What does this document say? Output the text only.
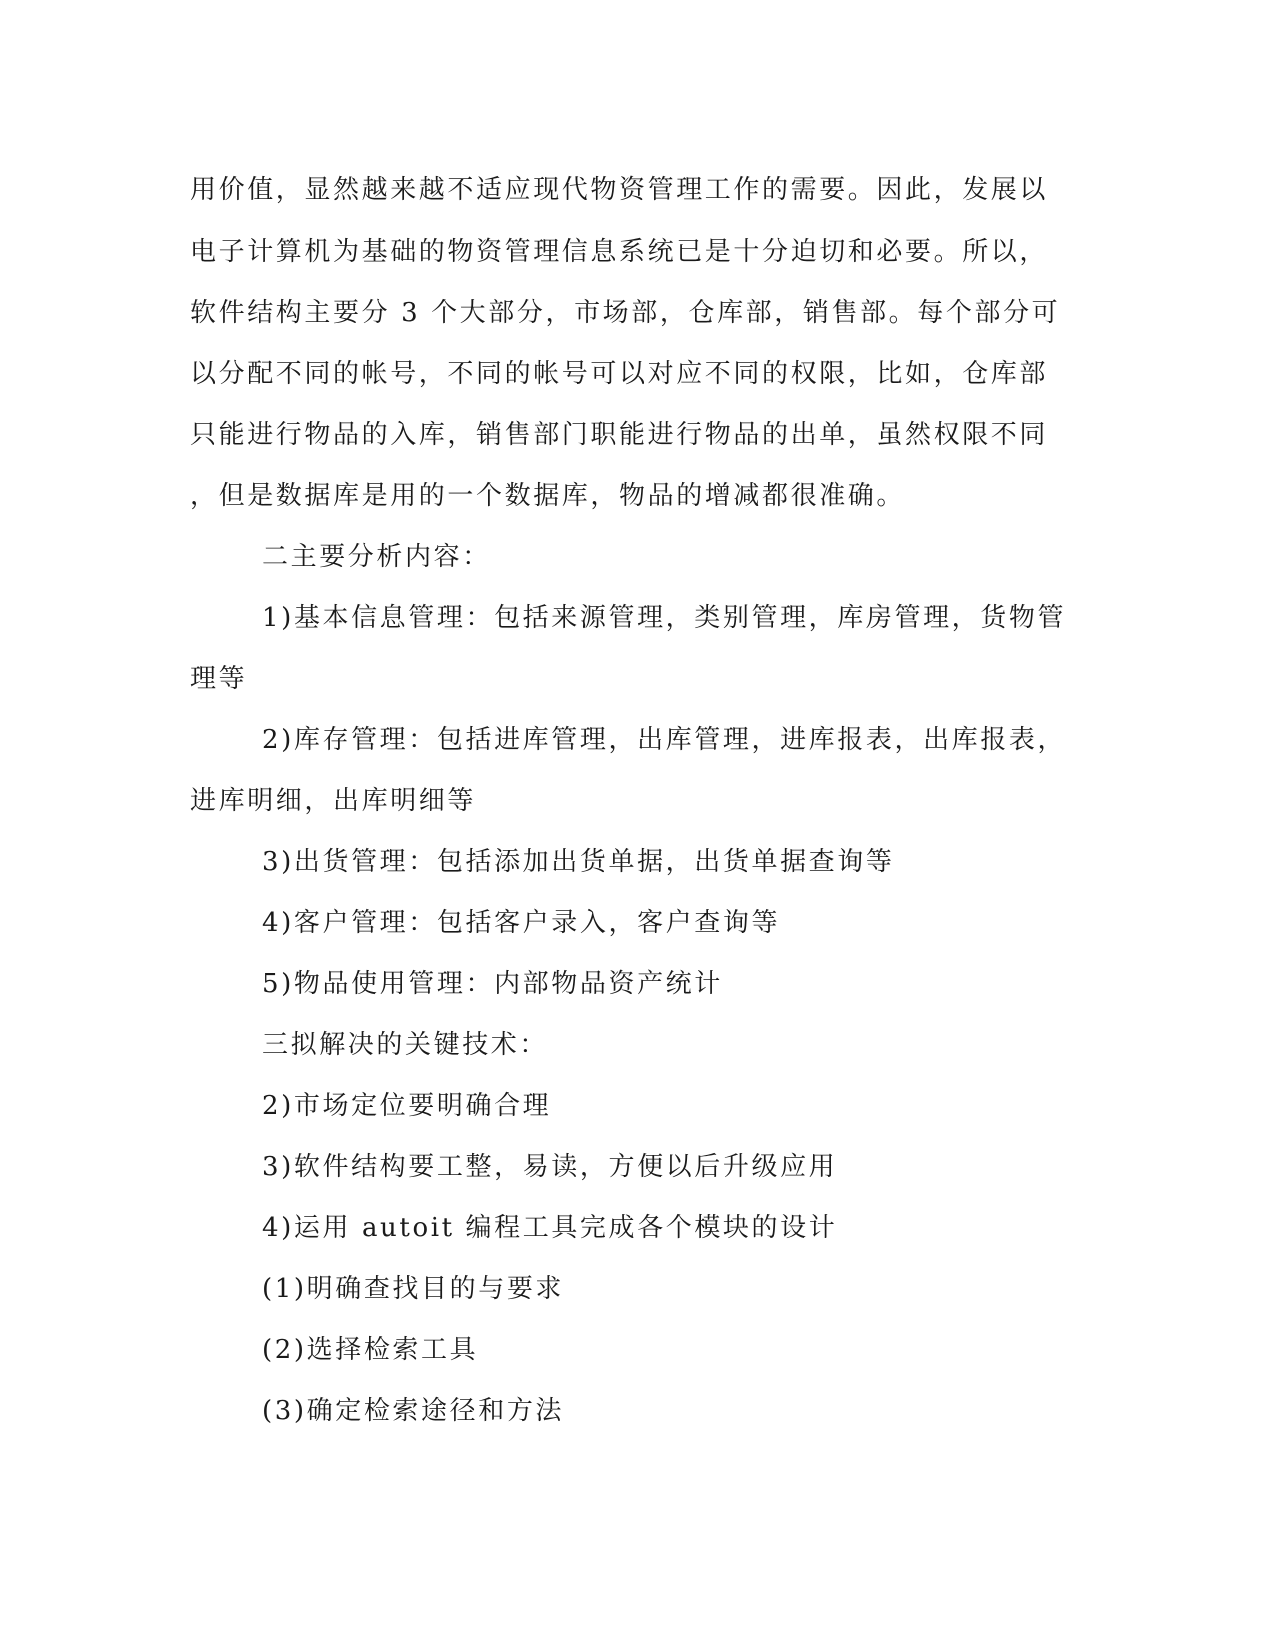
用价值，显然越来越不适应现代物资管理工作的需要。因此，发展以
电子计算机为基础的物资管理信息系统已是十分迫切和必要。所以，
软件结构主要分 3 个大部分，市场部，仓库部，销售部。每个部分可
以分配不同的帐号，不同的帐号可以对应不同的权限，比如，仓库部
只能进行物品的入库，销售部门职能进行物品的出单，虽然权限不同
，但是数据库是用的一个数据库，物品的增减都很准确。
二主要分析内容：
1)基本信息管理：包括来源管理，类别管理，库房管理，货物管
理等
2)库存管理：包括进库管理，出库管理，进库报表，出库报表，
进库明细，出库明细等
3)出货管理：包括添加出货单据，出货单据查询等
4)客户管理：包括客户录入，客户查询等
5)物品使用管理：内部物品资产统计
三拟解决的关键技术：
2)市场定位要明确合理
3)软件结构要工整，易读，方便以后升级应用
4)运用 autoit 编程工具完成各个模块的设计
(1)明确查找目的与要求
(2)选择检索工具
(3)确定检索途径和方法
